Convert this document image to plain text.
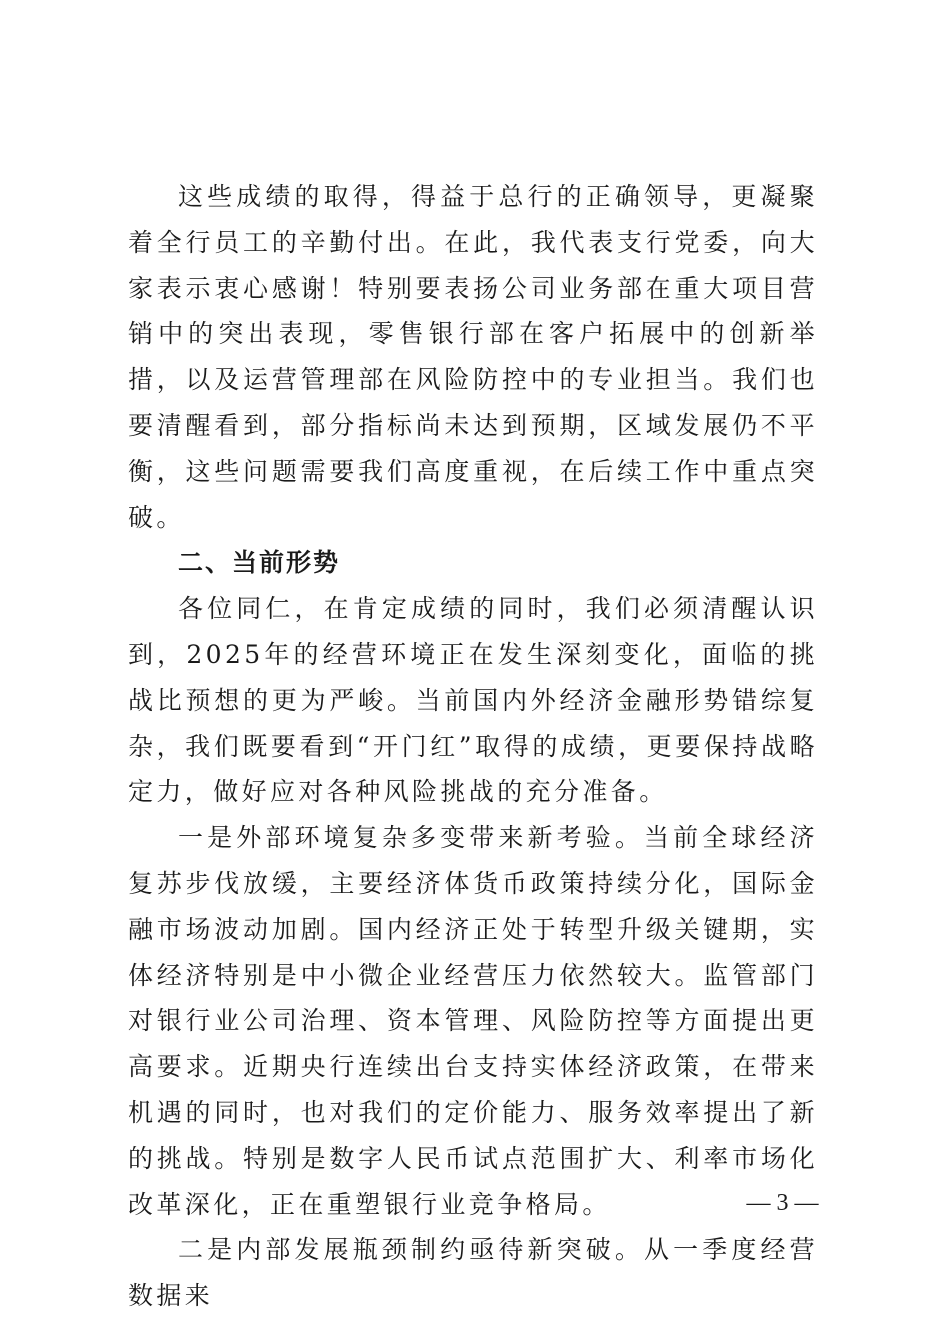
这些成绩的取得，得益于总行的正确领导，更凝聚着全行员工的辛勤付出。在此，我代表支行党委，向大家表示衷心感谢！特别要表扬公司业务部在重大项目营销中的突出表现，零售银行部在客户拓展中的创新举措，以及运营管理部在风险防控中的专业担当。我们也要清醒看到，部分指标尚未达到预期，区域发展仍不平衡，这些问题需要我们高度重视，在后续工作中重点突破。

二、当前形势

各位同仁，在肯定成绩的同时，我们必须清醒认识到，2025年的经营环境正在发生深刻变化，面临的挑战比预想的更为严峻。当前国内外经济金融形势错综复杂，我们既要看到“开门红”取得的成绩，更要保持战略定力，做好应对各种风险挑战的充分准备。

一是外部环境复杂多变带来新考验。当前全球经济复苏步伐放缓，主要经济体货币政策持续分化，国际金融市场波动加剧。国内经济正处于转型升级关键期，实体经济特别是中小微企业经营压力依然较大。监管部门对银行业公司治理、资本管理、风险防控等方面提出更高要求。近期央行连续出台支持实体经济政策，在带来机遇的同时，也对我们的定价能力、服务效率提出了新的挑战。特别是数字人民币试点范围扩大、利率市场化改革深化，正在重塑银行业竞争格局。

二是内部发展瓶颈制约亟待新突破。从一季度经营数据来

— 3 —
